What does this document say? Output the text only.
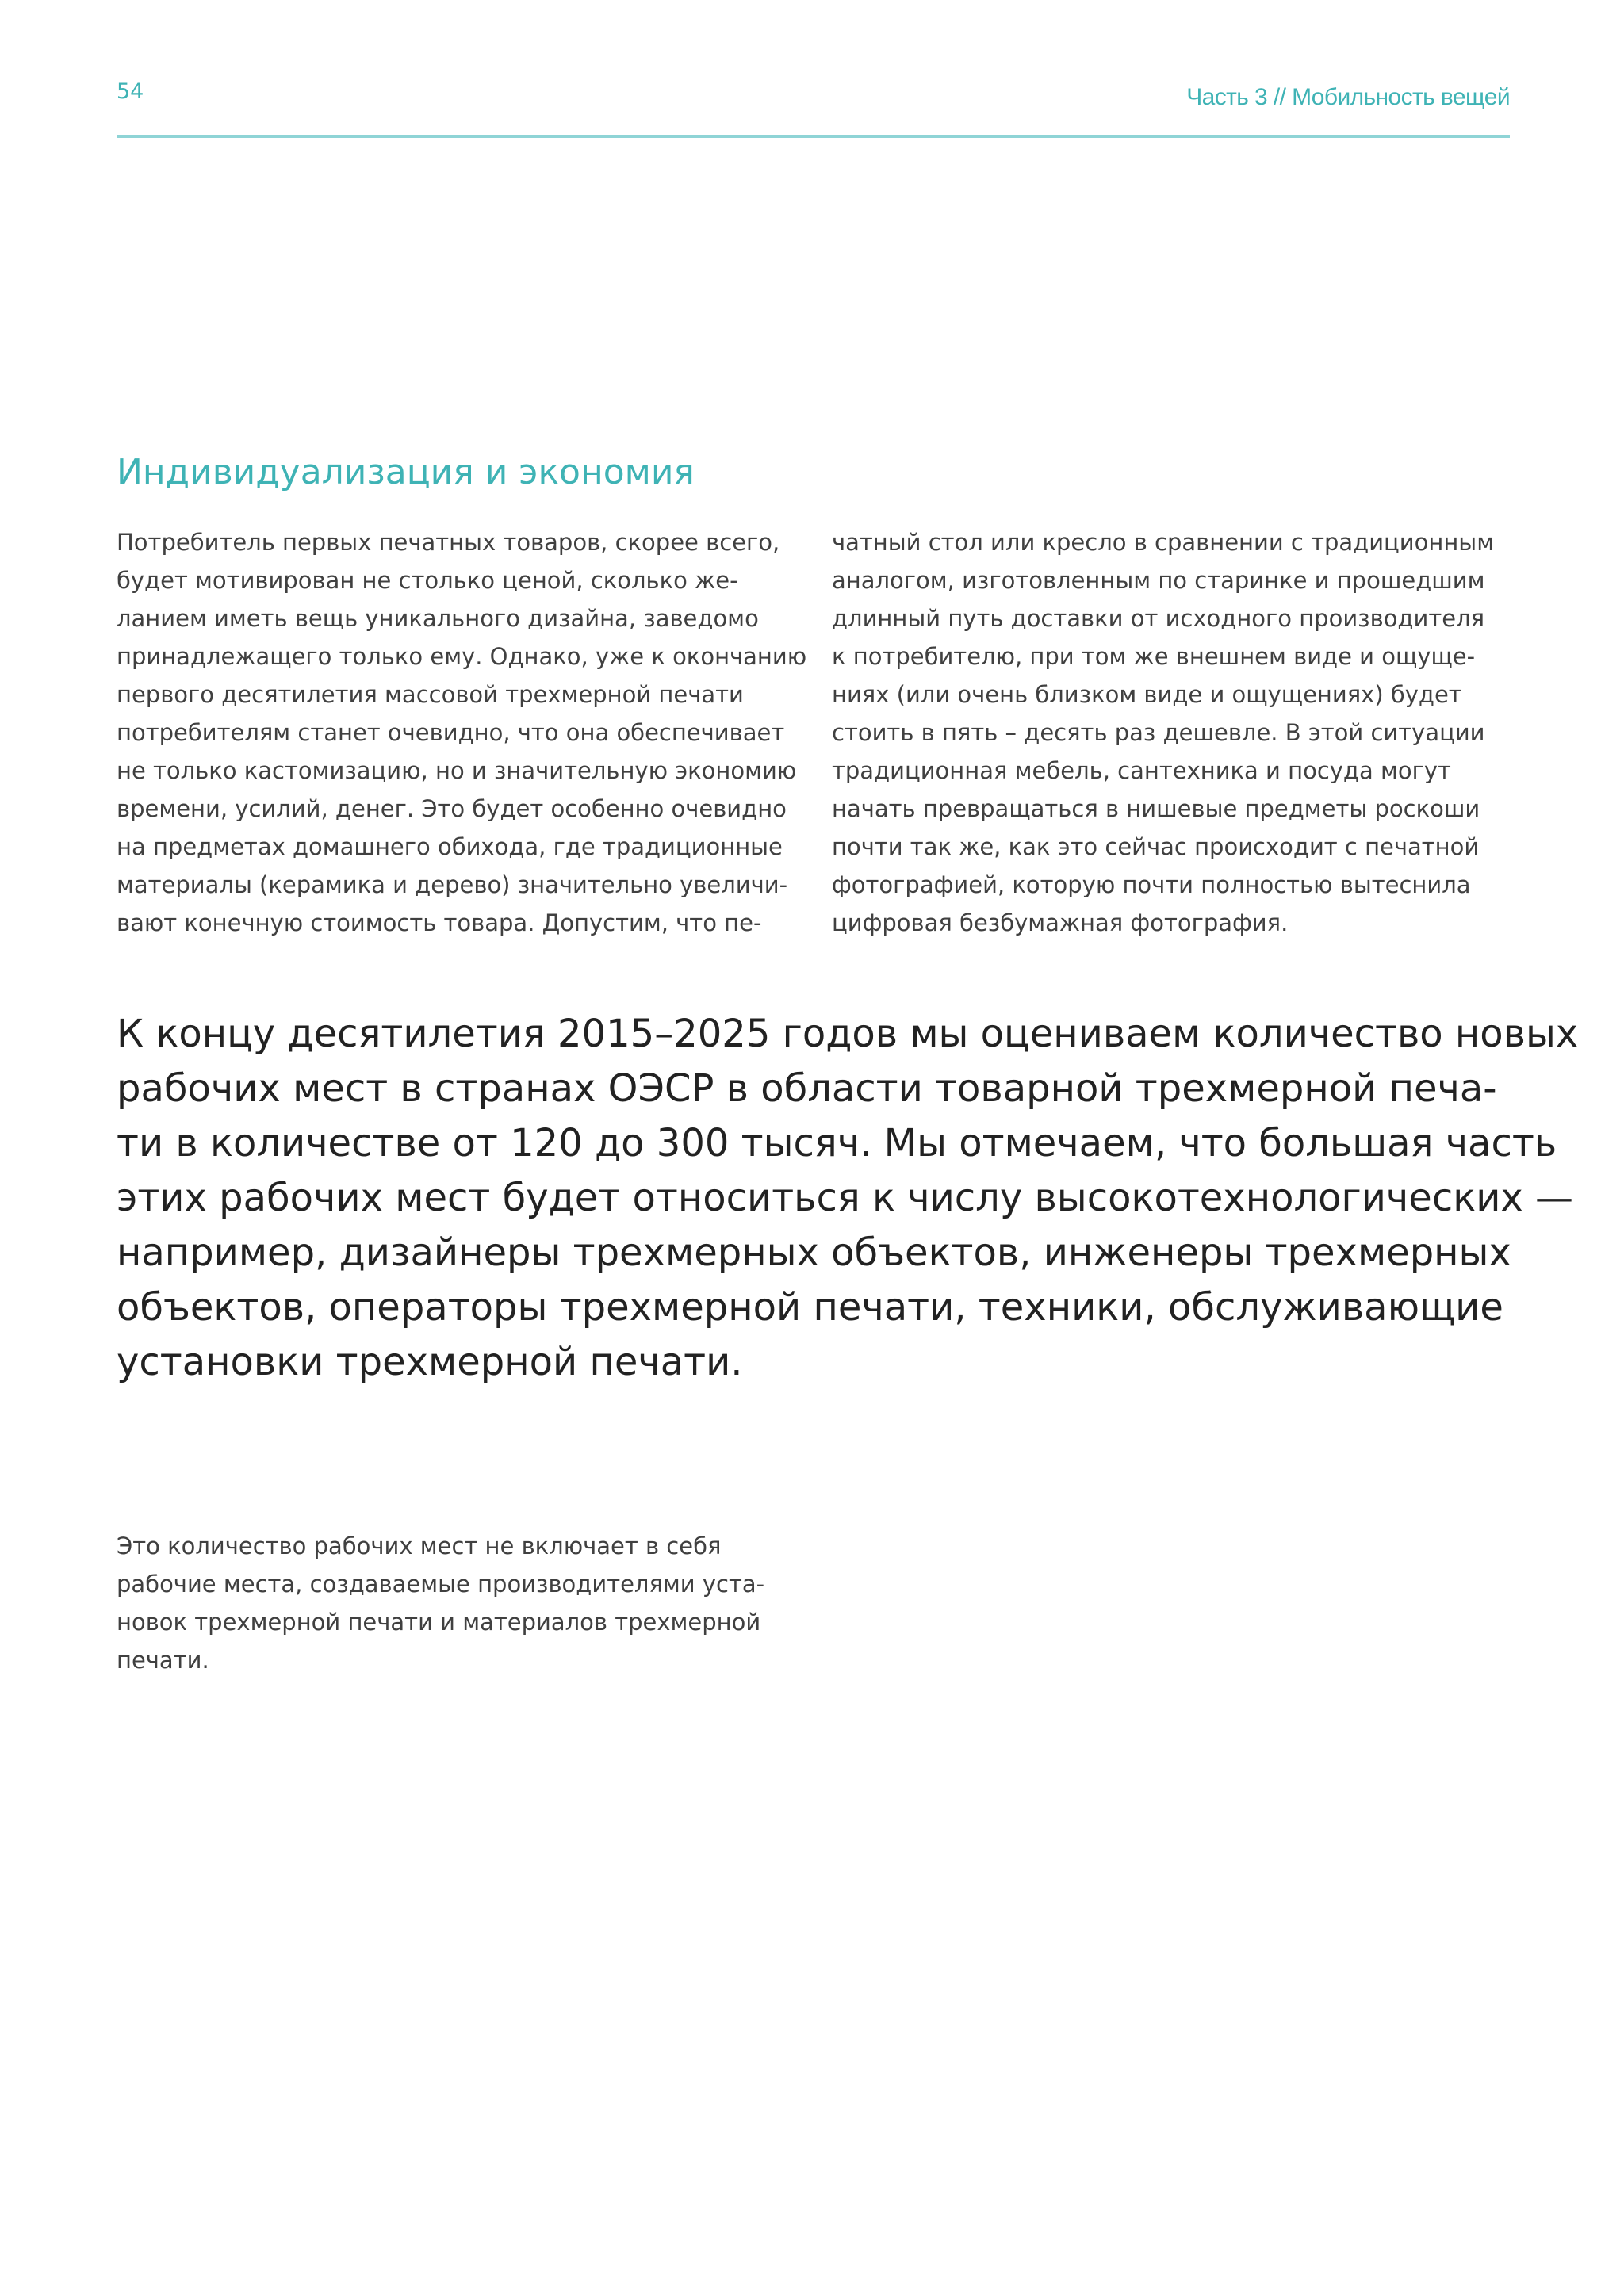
54	Часть 3 // Мобильность вещей
Индивидуализация и экономия
Потребитель первых печатных товаров, скорее всего,
будет мотивирован не столько ценой, сколько же-
ланием иметь вещь уникального дизайна, заведомо
принадлежащего только ему. Однако, уже к окончанию
первого десятилетия массовой трехмерной печати
потребителям станет очевидно, что она обеспечивает
не только кастомизацию, но и значительную экономию
времени, усилий, денег. Это будет особенно очевидно
на предметах домашнего обихода, где традиционные
материалы (керамика и дерево) значительно увеличи-
вают конечную стоимость товара. Допустим, что пе-
чатный стол или кресло в сравнении с традиционным
аналогом, изготовленным по старинке и прошедшим
длинный путь доставки от исходного производителя
к потребителю, при том же внешнем виде и ощуще-
ниях (или очень близком виде и ощущениях) будет
стоить в пять – десять раз дешевле. В этой ситуации
традиционная мебель, сантехника и посуда могут
начать превращаться в нишевые предметы роскоши
почти так же, как это сейчас происходит с печатной
фотографией, которую почти полностью вытеснила
цифровая безбумажная фотография.
К концу десятилетия 2015–2025 годов мы оцениваем количество новых
рабочих мест в странах ОЭСР в области товарной трехмерной печа-
ти в количестве от 120 до 300 тысяч. Мы отмечаем, что большая часть
этих рабочих мест будет относиться к числу высокотехнологических —
например, дизайнеры трехмерных объектов, инженеры трехмерных
объектов, операторы трехмерной печати, техники, обслуживающие
установки трехмерной печати.
Это количество рабочих мест не включает в себя
рабочие места, создаваемые производителями уста-
новок трехмерной печати и материалов трехмерной
печати.
